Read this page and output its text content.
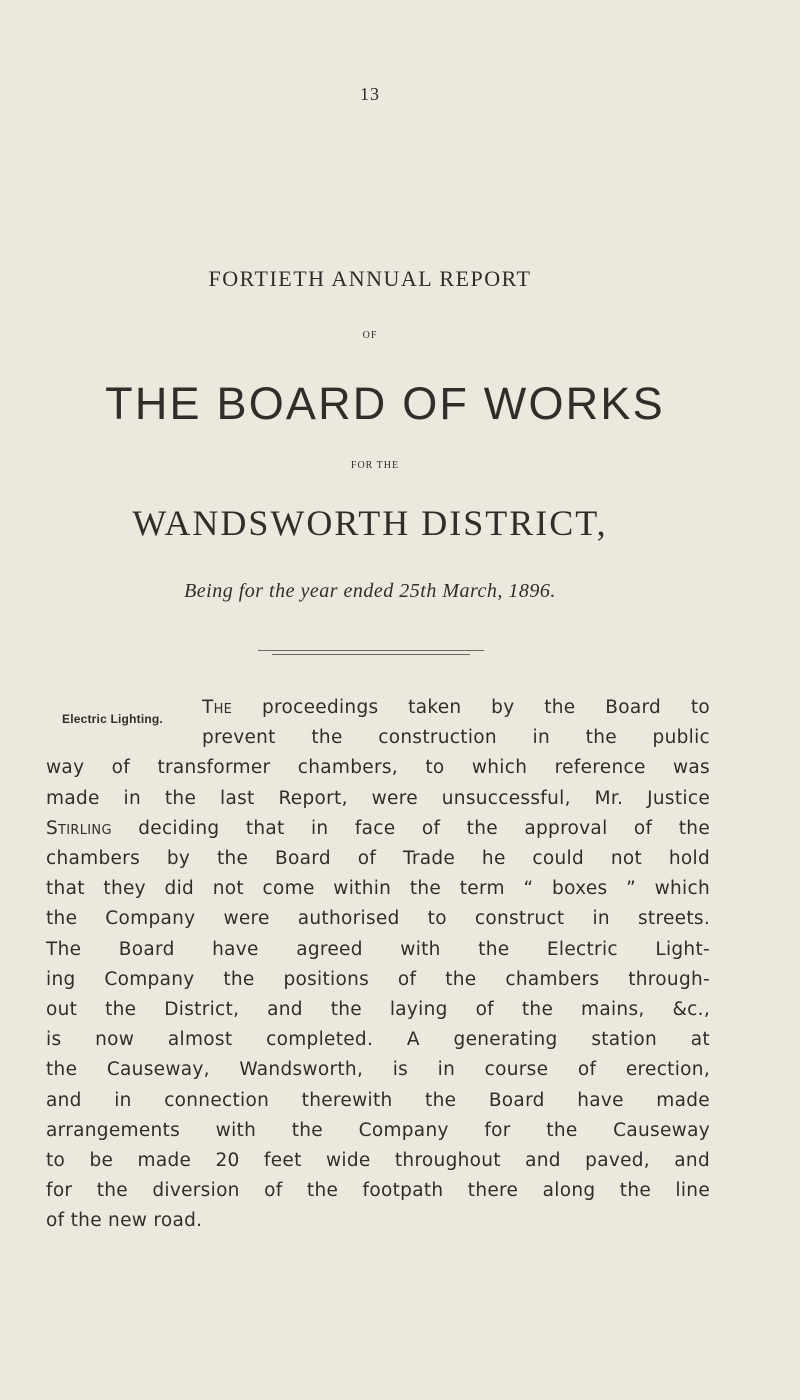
13
FORTIETH ANNUAL REPORT
OF
THE BOARD OF WORKS
FOR THE
WANDSWORTH DISTRICT,
Being for the year ended 25th March, 1896.
Electric Lighting.
The proceedings taken by the Board to
prevent the construction in the public
way of transformer chambers, to which reference was
made in the last Report, were unsuccessful, Mr. Justice
Stirling deciding that in face of the approval of the
chambers by the Board of Trade he could not hold
that they did not come within the term “ boxes ” which
the Company were authorised to construct in streets.
The Board have agreed with the Electric Light-
ing Company the positions of the chambers through-
out the District, and the laying of the mains, &c.,
is now almost completed. A generating station at
the Causeway, Wandsworth, is in course of erection,
and in connection therewith the Board have made
arrangements with the Company for the Causeway
to be made 20 feet wide throughout and paved, and
for the diversion of the footpath there along the line
of the new road.
